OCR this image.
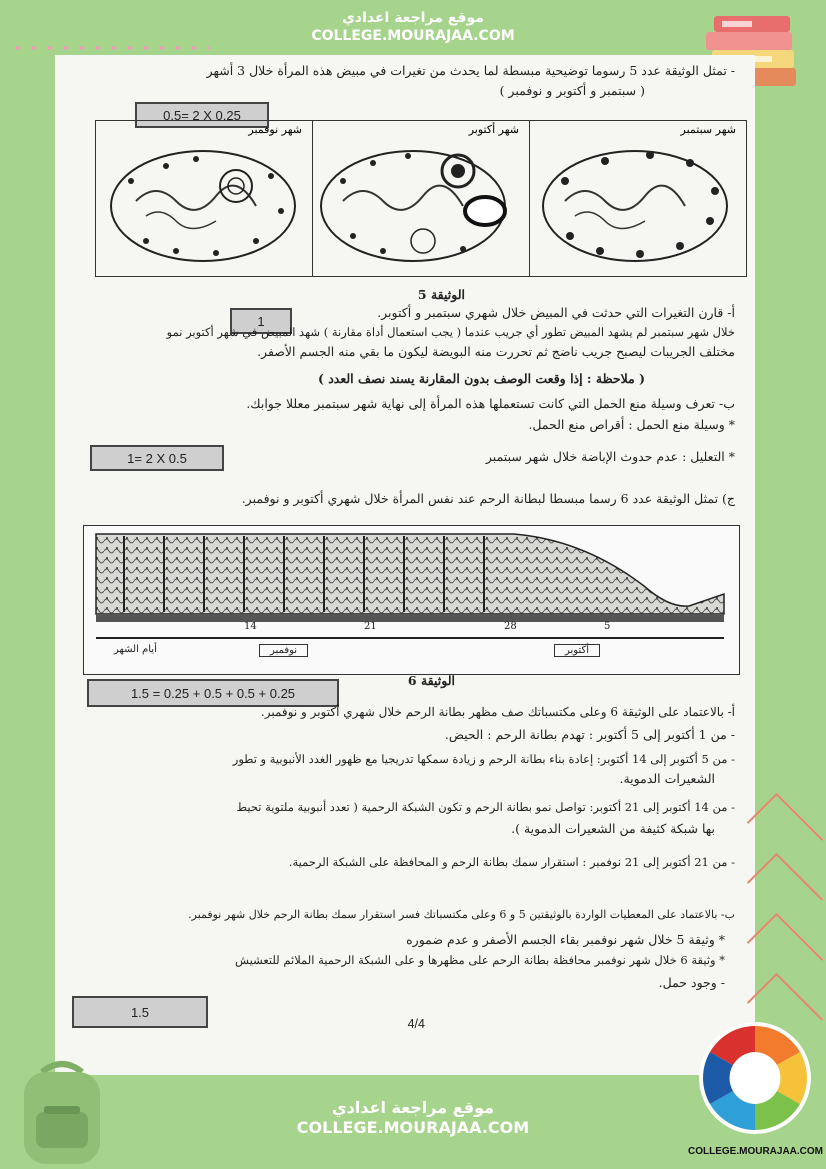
موقع مراجعة اعدادي
COLLEGE.MOURAJAA.COM
- تمثل الوثيقة عدد 5 رسوما توضيحية مبسطة لما يحدث من تغيرات في مبيض هذه المرأة خلال 3 أشهر
( سبتمبر و أكتوبر و نوفمبر )
0.5= 2 X 0.25
شهر نوفمبر	شهر أكتوبر	شهر سبتمبر
الوثيقة 5
أ- قارن التغيرات التي حدثت في المبيض خلال شهري سبتمبر و أكتوبر.
1
خلال شهر سبتمبر لم يشهد المبيض تطور أي جريب عندما ( يجب استعمال أداة مقارنة ) شهد المبيض في شهر أكتوبر نمو
مختلف الجريبات ليصبح جريب ناضج ثم تحررت منه البويضة ليكون ما بقي منه الجسم الأصفر.
( ملاحظة : إذا وقعت الوصف بدون المقارنة يسند نصف العدد )
ب- تعرف وسيلة منع الحمل التي كانت تستعملها هذه المرأة إلى نهاية شهر سبتمبر معللا جوابك.
* وسيلة منع الحمل : أقراص منع الحمل.
1= 2 X 0.5	* التعليل : عدم حدوث الإباضة خلال شهر سبتمبر
ج) تمثل الوثيقة عدد 6 رسما مبسطا لبطانة الرحم عند نفس المرأة خلال شهري أكتوبر و نوفمبر.
14	21	28	5
أيام الشهر	نوفمبر	أكتوبر
الوثيقة 6
1.5 = 0.25 + 0.5 + 0.5 + 0.25
أ- بالاعتماد على الوثيقة 6 وعلى مكتسباتك صف مظهر بطانة الرحم خلال شهري أكتوبر و نوفمبر.
- من 1 أكتوبر إلى 5 أكتوبر : تهدم بطانة الرحم : الحيض.
- من 5 أكتوبر إلى 14 أكتوبر: إعادة بناء بطانة الرحم و زيادة سمكها تدريجيا مع ظهور الغدد الأنبوبية و تطور
الشعيرات الدموية.
- من 14 أكتوبر إلى 21 أكتوبر: تواصل نمو بطانة الرحم و تكون الشبكة الرحمية ( تعدد أنبوبية ملتوية تحيط
بها شبكة كثيفة من الشعيرات الدموية ).
- من 21 أكتوبر إلى 21 نوفمبر : استقرار سمك بطانة الرحم و المحافظة على الشبكة الرحمية.
ب- بالاعتماد على المعطيات الواردة بالوثيقتين 5 و 6 وعلى مكتسباتك فسر استقرار سمك بطانة الرحم خلال شهر نوفمبر.
* وثيقة 5 خلال شهر نوفمبر بقاء الجسم الأصفر و عدم ضموره
* وثيقة 6 خلال شهر نوفمبر محافظة بطانة الرحم على مظهرها و على الشبكة الرحمية الملائم للتعشيش
- وجود حمل.
1.5
4/4
موقع مراجعة اعدادي
COLLEGE.MOURAJAA.COM
COLLEGE.MOURAJAA.COM
